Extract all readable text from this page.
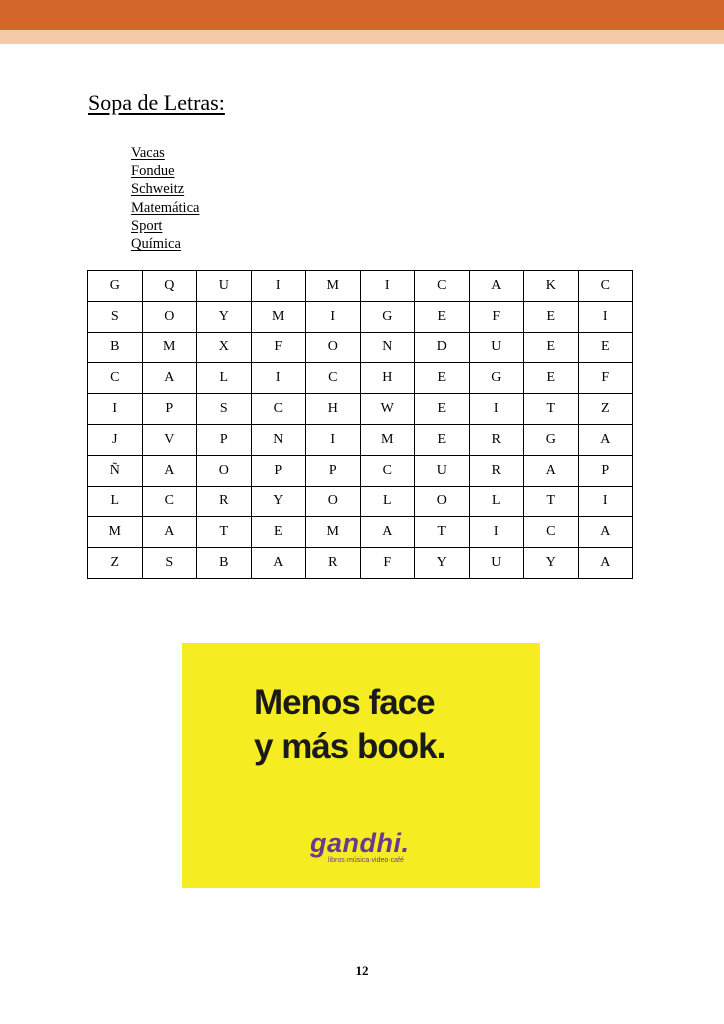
Sopa de Letras:
Vacas
Fondue
Schweitz
Matemática
Sport
Química
G	Q	U	I	M	I	C	A	K	C
S	O	Y	M	I	G	E	F	E	I
B	M	X	F	O	N	D	U	E	E
C	A	L	I	C	H	E	G	E	F
I	P	S	C	H	W	E	I	T	Z
J	V	P	N	I	M	E	R	G	A
Ñ	A	O	P	P	C	U	R	A	P
L	C	R	Y	O	L	O	L	T	I
M	A	T	E	M	A	T	I	C	A
Z	S	B	A	R	F	Y	U	Y	A
Menos face
y más book.
gandhi.
libros·música·video·café
12
